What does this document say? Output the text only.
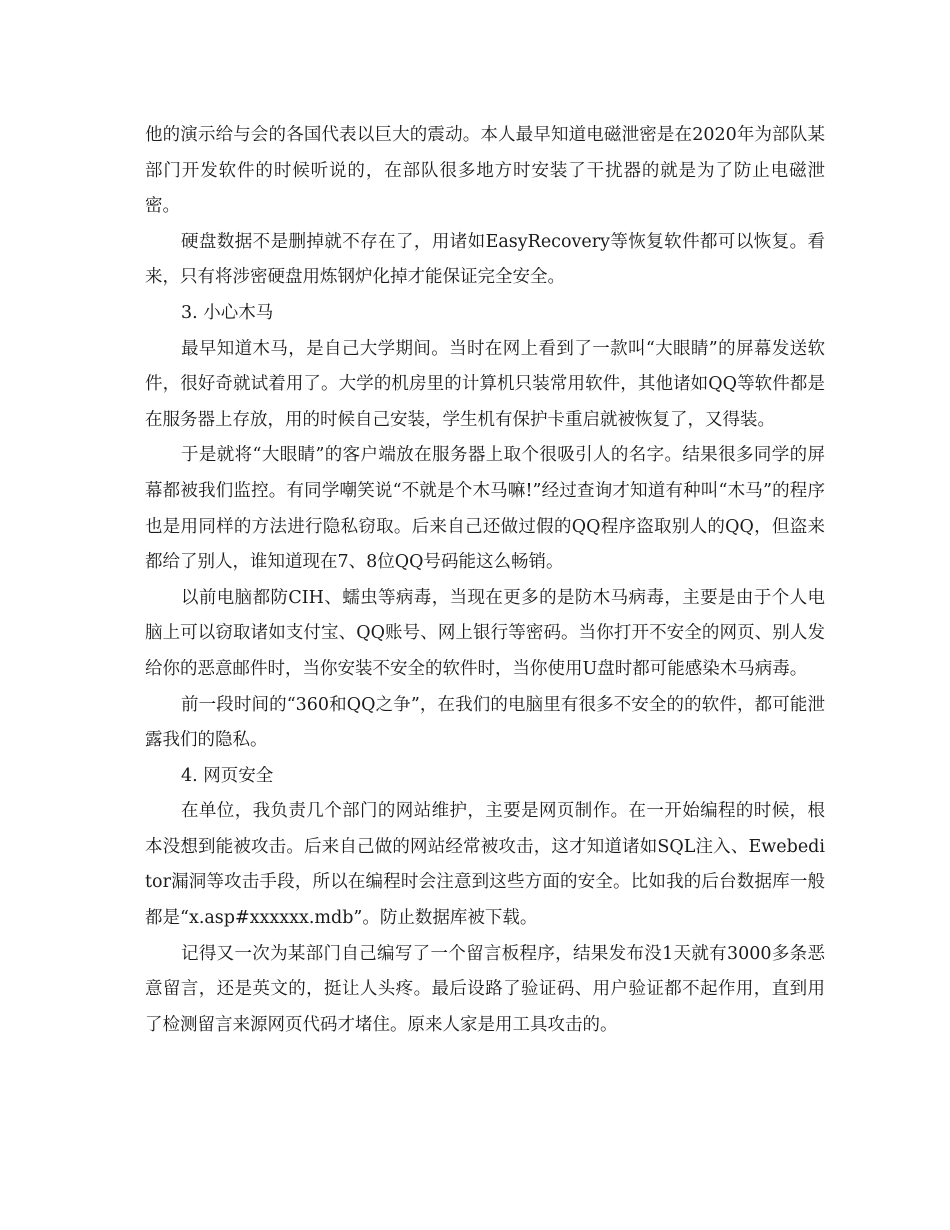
他的演示给与会的各国代表以巨大的震动。本人最早知道电磁泄密是在2020年为部队某部门开发软件的时候听说的，在部队很多地方时安装了干扰器的就是为了防止电磁泄密。

硬盘数据不是删掉就不存在了，用诸如EasyRecovery等恢复软件都可以恢复。看来，只有将涉密硬盘用炼钢炉化掉才能保证完全安全。

3. 小心木马

最早知道木马，是自己大学期间。当时在网上看到了一款叫“大眼睛”的屏幕发送软件，很好奇就试着用了。大学的机房里的计算机只装常用软件，其他诸如QQ等软件都是在服务器上存放，用的时候自己安装，学生机有保护卡重启就被恢复了，又得装。

于是就将“大眼睛”的客户端放在服务器上取个很吸引人的名字。结果很多同学的屏幕都被我们监控。有同学嘲笑说“不就是个木马嘛!”经过查询才知道有种叫“木马”的程序也是用同样的方法进行隐私窃取。后来自己还做过假的QQ程序盗取别人的QQ，但盗来都给了别人，谁知道现在7、8位QQ号码能这么畅销。

以前电脑都防CIH、蠕虫等病毒，当现在更多的是防木马病毒，主要是由于个人电脑上可以窃取诸如支付宝、QQ账号、网上银行等密码。当你打开不安全的网页、别人发给你的恶意邮件时，当你安装不安全的软件时，当你使用U盘时都可能感染木马病毒。

前一段时间的“360和QQ之争”，在我们的电脑里有很多不安全的的软件，都可能泄露我们的隐私。

4. 网页安全

在单位，我负责几个部门的网站维护，主要是网页制作。在一开始编程的时候，根本没想到能被攻击。后来自己做的网站经常被攻击，这才知道诸如SQL注入、Ewebeditor漏洞等攻击手段，所以在编程时会注意到这些方面的安全。比如我的后台数据库一般都是“x.asp#xxxxxx.mdb”。防止数据库被下载。

记得又一次为某部门自己编写了一个留言板程序，结果发布没1天就有3000多条恶意留言，还是英文的，挺让人头疼。最后设路了验证码、用户验证都不起作用，直到用了检测留言来源网页代码才堵住。原来人家是用工具攻击的。
